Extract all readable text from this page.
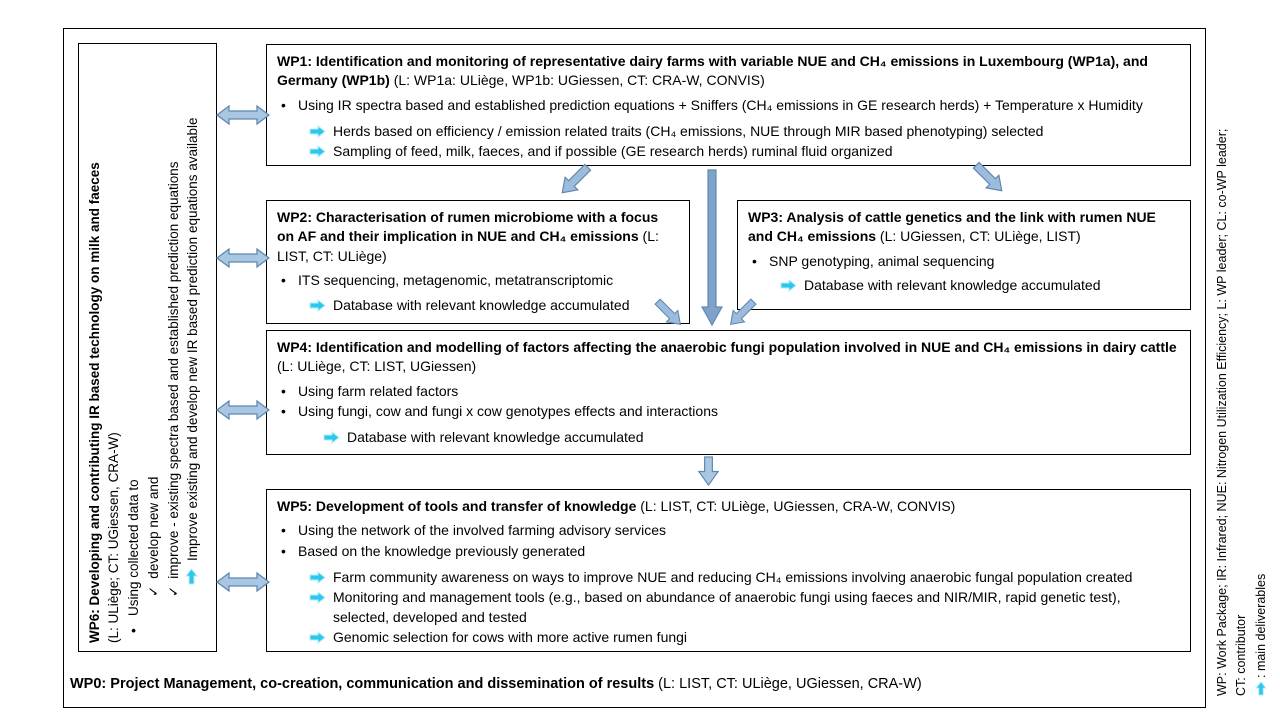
WP6: Developing and contributing IR based technology on milk and faeces (L: ULiège; CT: UGiessen, CRA-W) •
Using collected data to ✓
develop new and
✓
improve - existing spectra based and established prediction equations Improve existing and develop new IR based prediction equations available
WP1: Identification and monitoring of representative dairy farms with variable NUE and CH₄ emissions in Luxembourg (WP1a), and Germany (WP1b) (L: WP1a: ULiège, WP1b: UGiessen, CT: CRA-W, CONVIS)
• Using IR spectra based and established prediction equations + Sniffers (CH₄ emissions in GE research herds) + Temperature x Humidity
Herds based on efficiency / emission related traits (CH₄ emissions, NUE through MIR based phenotyping) selected
Sampling of feed, milk, faeces, and if possible (GE research herds) ruminal fluid organized
WP2: Characterisation of rumen microbiome with a focus on AF and their implication in NUE and CH₄ emissions (L: LIST, CT: ULiège)
• ITS sequencing, metagenomic, metatranscriptomic
Database with relevant knowledge accumulated
WP3: Analysis of cattle genetics and the link with rumen NUE and CH₄ emissions (L: UGiessen, CT: ULiège, LIST)
• SNP genotyping, animal sequencing
Database with relevant knowledge accumulated
WP4: Identification and modelling of factors affecting the anaerobic fungi population involved in NUE and CH₄ emissions in dairy cattle (L: ULiège, CT: LIST, UGiessen)
• Using farm related factors
• Using fungi, cow and fungi x cow genotypes effects and interactions
Database with relevant knowledge accumulated
WP5: Development of tools and transfer of knowledge (L: LIST, CT: ULiège, UGiessen, CRA-W, CONVIS)
• Using the network of the involved farming advisory services
• Based on the knowledge previously generated
Farm community awareness on ways to improve NUE and reducing CH₄ emissions involving anaerobic fungal population created
Monitoring and management tools (e.g., based on abundance of anaerobic fungi using faeces and NIR/MIR, rapid genetic test), selected, developed and tested
Genomic selection for cows with more active rumen fungi
WP0: Project Management, co-creation, communication and dissemination of results (L: LIST, CT: ULiège, UGiessen, CRA-W)	WP: Work Package; IR: Infrared; NUE: Nitrogen Utilization Efficiency; L: WP leader; CL: co-WP leader; CT: contributor : main deliverables
